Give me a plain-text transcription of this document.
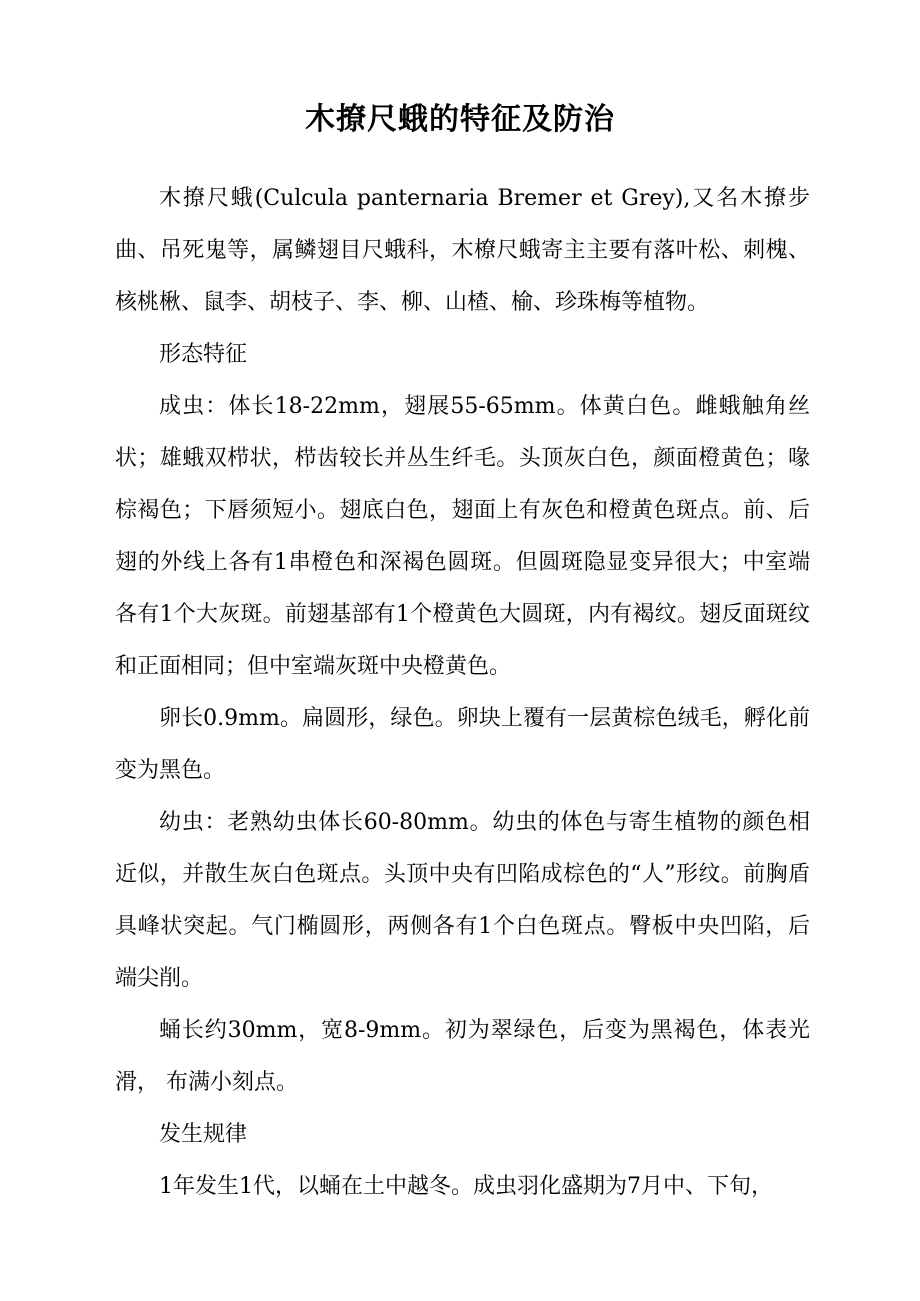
木撩尺蛾的特征及防治

木撩尺蛾(Culcula panternaria Bremer et Grey),又名木撩步曲、吊死鬼等，属鳞翅目尺蛾科，木橑尺蛾寄主主要有落叶松、刺槐、 核桃楸、鼠李、胡枝子、李、柳、山楂、榆、珍珠梅等植物。

形态特征

成虫：体长18-22mm，翅展55-65mm。体黄白色。雌蛾触角丝状；雄蛾双栉状，栉齿较长并丛生纤毛。头顶灰白色，颜面橙黄色；喙棕褐色；下唇须短小。翅底白色，翅面上有灰色和橙黄色斑点。前、后翅的外线上各有1串橙色和深褐色圆斑。但圆斑隐显变异很大；中室端各有1个大灰斑。前翅基部有1个橙黄色大圆斑，内有褐纹。翅反面斑纹和正面相同；但中室端灰斑中央橙黄色。

卵长0.9mm。扁圆形，绿色。卵块上覆有一层黄棕色绒毛，孵化前变为黑色。

幼虫：老熟幼虫体长60-80mm。幼虫的体色与寄生植物的颜色相近似，并散生灰白色斑点。头顶中央有凹陷成棕色的“人”形纹。前胸盾具峰状突起。气门椭圆形，两侧各有1个白色斑点。臀板中央凹陷，后端尖削。

蛹长约30mm，宽8-9mm。初为翠绿色，后变为黑褐色，体表光滑， 布满小刻点。

发生规律

1年发生1代，以蛹在土中越冬。成虫羽化盛期为7月中、下旬，
